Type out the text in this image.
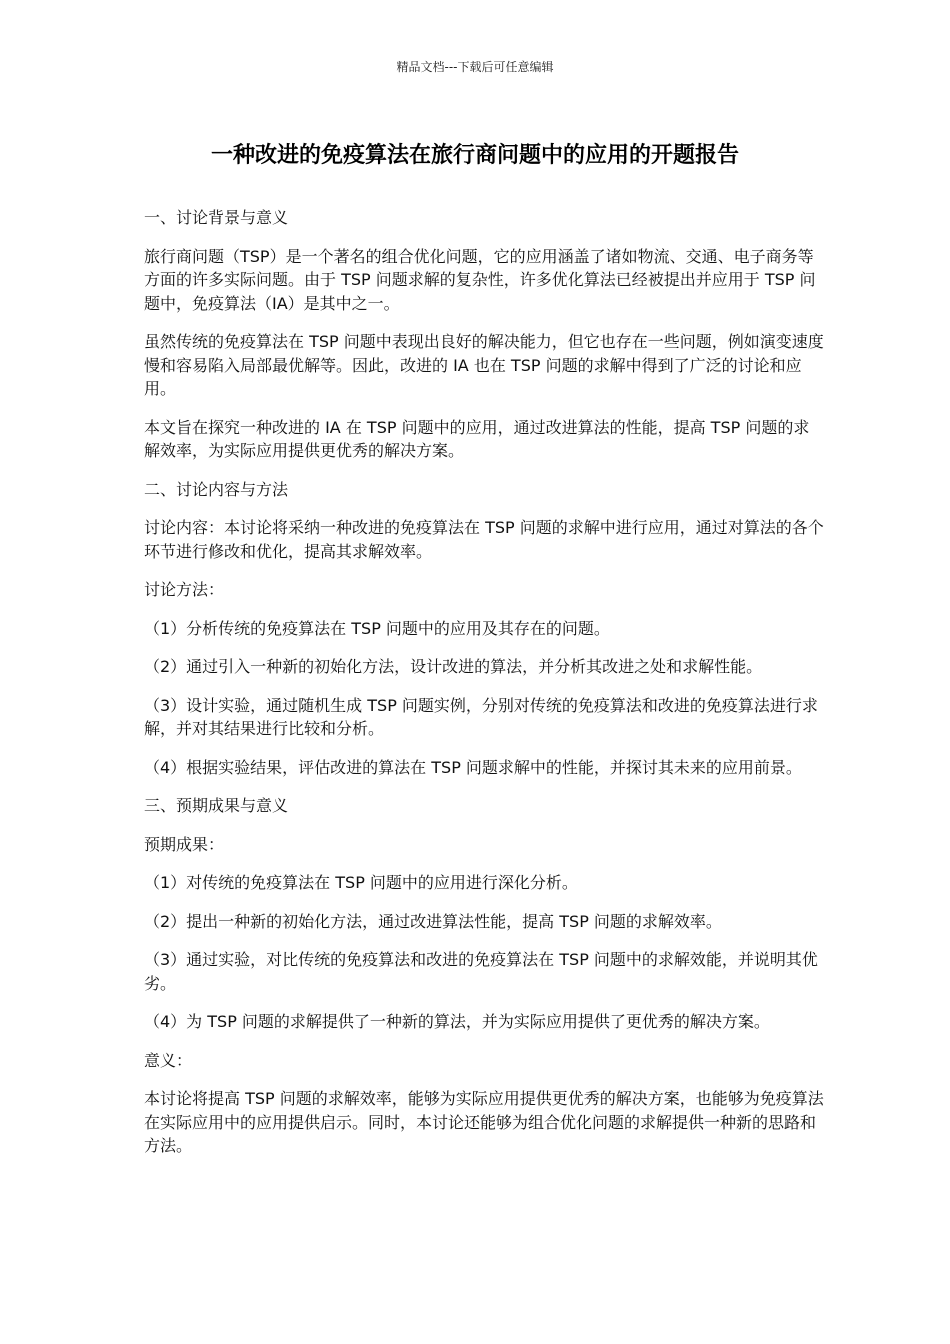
精品文档---下载后可任意编辑
一种改进的免疫算法在旅行商问题中的应用的开题报告

一、讨论背景与意义

旅行商问题（TSP）是一个著名的组合优化问题，它的应用涵盖了诸如物流、交通、电子商务等方面的许多实际问题。由于 TSP 问题求解的复杂性，许多优化算法已经被提出并应用于 TSP 问题中，免疫算法（IA）是其中之一。

虽然传统的免疫算法在 TSP 问题中表现出良好的解决能力，但它也存在一些问题，例如演变速度慢和容易陷入局部最优解等。因此，改进的 IA 也在 TSP 问题的求解中得到了广泛的讨论和应用。

本文旨在探究一种改进的 IA 在 TSP 问题中的应用，通过改进算法的性能，提高 TSP 问题的求解效率，为实际应用提供更优秀的解决方案。

二、讨论内容与方法

讨论内容：本讨论将采纳一种改进的免疫算法在 TSP 问题的求解中进行应用，通过对算法的各个环节进行修改和优化，提高其求解效率。

讨论方法：

（1）分析传统的免疫算法在 TSP 问题中的应用及其存在的问题。

（2）通过引入一种新的初始化方法，设计改进的算法，并分析其改进之处和求解性能。

（3）设计实验，通过随机生成 TSP 问题实例，分别对传统的免疫算法和改进的免疫算法进行求解，并对其结果进行比较和分析。

（4）根据实验结果，评估改进的算法在 TSP 问题求解中的性能，并探讨其未来的应用前景。

三、预期成果与意义

预期成果：

（1）对传统的免疫算法在 TSP 问题中的应用进行深化分析。

（2）提出一种新的初始化方法，通过改进算法性能，提高 TSP 问题的求解效率。

（3）通过实验，对比传统的免疫算法和改进的免疫算法在 TSP 问题中的求解效能，并说明其优劣。

（4）为 TSP 问题的求解提供了一种新的算法，并为实际应用提供了更优秀的解决方案。

意义：

本讨论将提高 TSP 问题的求解效率，能够为实际应用提供更优秀的解决方案，也能够为免疫算法在实际应用中的应用提供启示。同时，本讨论还能够为组合优化问题的求解提供一种新的思路和方法。
